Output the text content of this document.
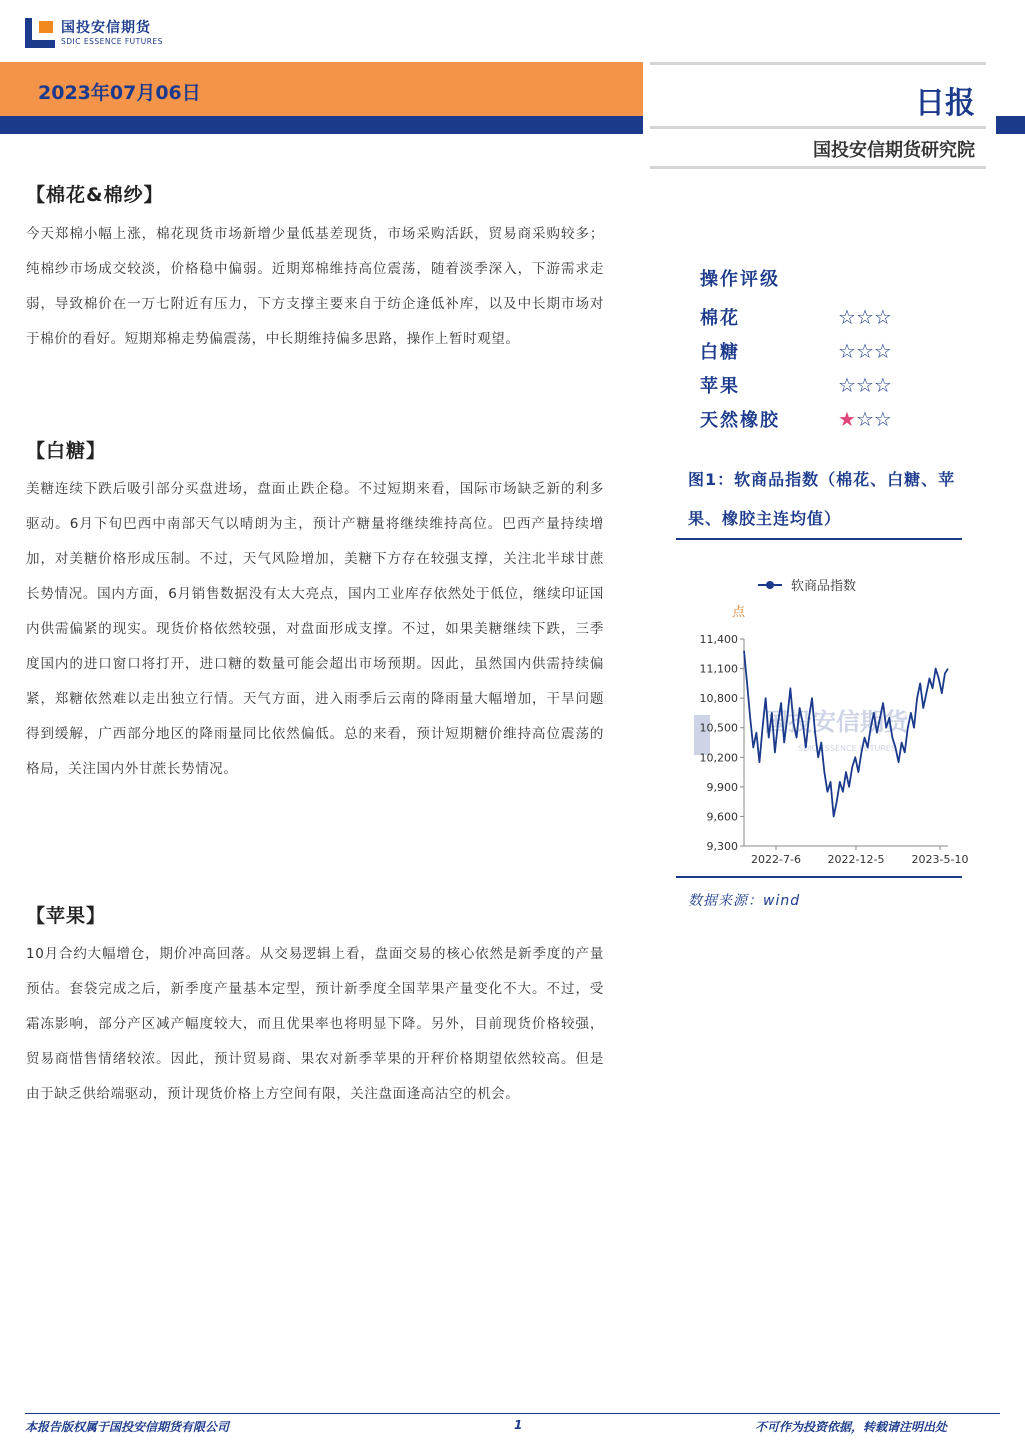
国投安信期货
SDIC ESSENCE FUTURES
2023年07月06日	日报
国投安信期货研究院
【棉花&棉纱】
今天郑棉小幅上涨，棉花现货市场新增少量低基差现货，市场采购活跃，贸易商采购较多；纯棉纱市场成交较淡，价格稳中偏弱。近期郑棉维持高位震荡，随着淡季深入，下游需求走弱，导致棉价在一万七附近有压力，下方支撑主要来自于纺企逢低补库，以及中长期市场对于棉价的看好。短期郑棉走势偏震荡，中长期维持偏多思路，操作上暂时观望。
【白糖】
美糖连续下跌后吸引部分买盘进场，盘面止跌企稳。不过短期来看，国际市场缺乏新的利多驱动。6月下旬巴西中南部天气以晴朗为主，预计产糖量将继续维持高位。巴西产量持续增加，对美糖价格形成压制。不过，天气风险增加，美糖下方存在较强支撑，关注北半球甘蔗长势情况。国内方面，6月销售数据没有太大亮点，国内工业库存依然处于低位，继续印证国内供需偏紧的现实。现货价格依然较强，对盘面形成支撑。不过，如果美糖继续下跌，三季度国内的进口窗口将打开，进口糖的数量可能会超出市场预期。因此，虽然国内供需持续偏紧，郑糖依然难以走出独立行情。天气方面，进入雨季后云南的降雨量大幅增加，干旱问题得到缓解，广西部分地区的降雨量同比依然偏低。总的来看，预计短期糖价维持高位震荡的格局，关注国内外甘蔗长势情况。
【苹果】
10月合约大幅增仓，期价冲高回落。从交易逻辑上看，盘面交易的核心依然是新季度的产量预估。套袋完成之后，新季度产量基本定型，预计新季度全国苹果产量变化不大。不过，受霜冻影响，部分产区减产幅度较大，而且优果率也将明显下降。另外，目前现货价格较强，贸易商惜售情绪较浓。因此，预计贸易商、果农对新季苹果的开秤价格期望依然较高。但是由于缺乏供给端驱动，预计现货价格上方空间有限，关注盘面逢高沽空的机会。
操作评级
棉花	☆☆☆
白糖	☆☆☆
苹果	☆☆☆
天然橡胶	★☆☆
图1：软商品指数（棉花、白糖、苹果、橡胶主连均值）
软商品指数
点
国投安信期货
SDIC ESSENCE FUTURES
9,300
9,600
9,900
10,200
10,500
10,800
11,100
11,400
2022-7-6 2022-12-5 2023-5-10
数据来源：wind
本报告版权属于国投安信期货有限公司	1	不可作为投资依据，转载请注明出处
